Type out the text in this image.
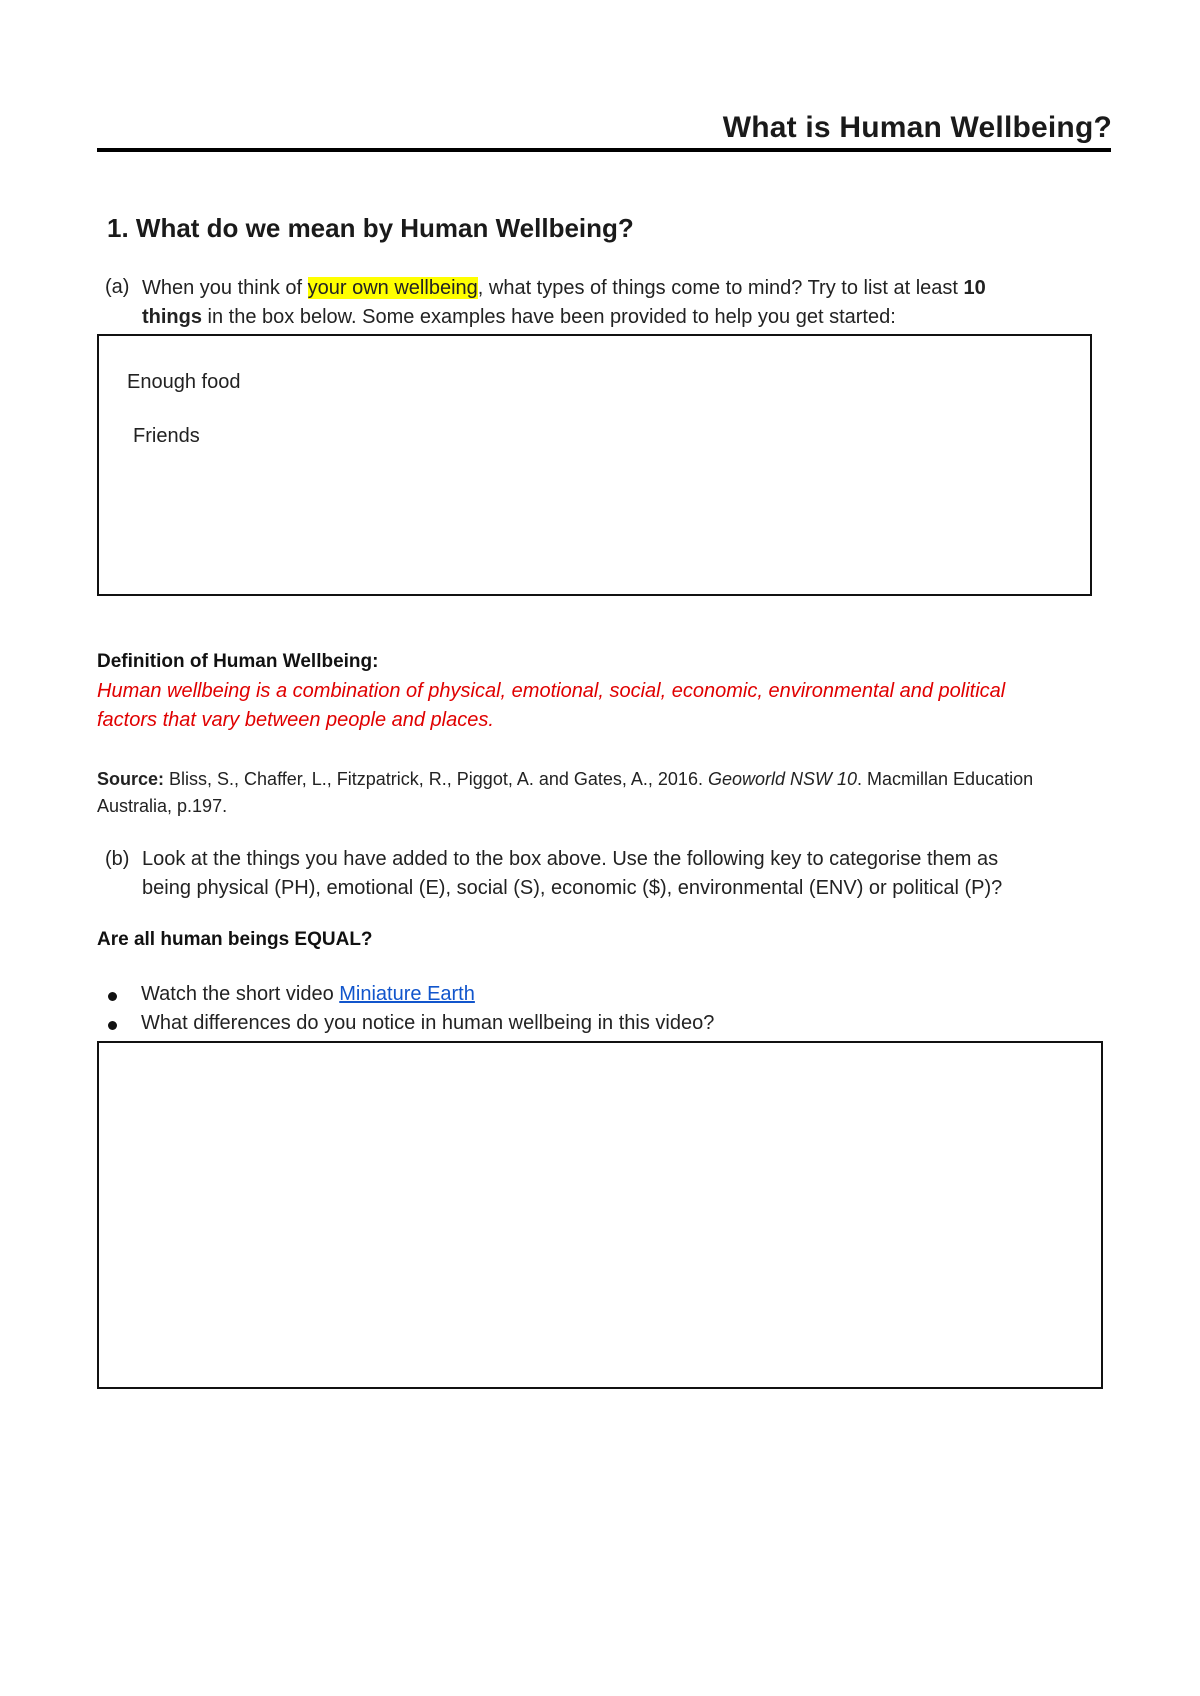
What is Human Wellbeing?
1. What do we mean by Human Wellbeing?
(a) When you think of your own wellbeing, what types of things come to mind? Try to list at least 10
things in the box below. Some examples have been provided to help you get started:
Enough food
Friends
Definition of Human Wellbeing:
Human wellbeing is a combination of physical, emotional, social, economic, environmental and political factors that vary between people and places.
Source: Bliss, S., Chaffer, L., Fitzpatrick, R., Piggot, A. and Gates, A., 2016. Geoworld NSW 10. Macmillan Education Australia, p.197.
(b) Look at the things you have added to the box above. Use the following key to categorise them as
being physical (PH), emotional (E), social (S), economic ($), environmental (ENV) or political (P)?
Are all human beings EQUAL?
Watch the short video Miniature Earth
What differences do you notice in human wellbeing in this video?
